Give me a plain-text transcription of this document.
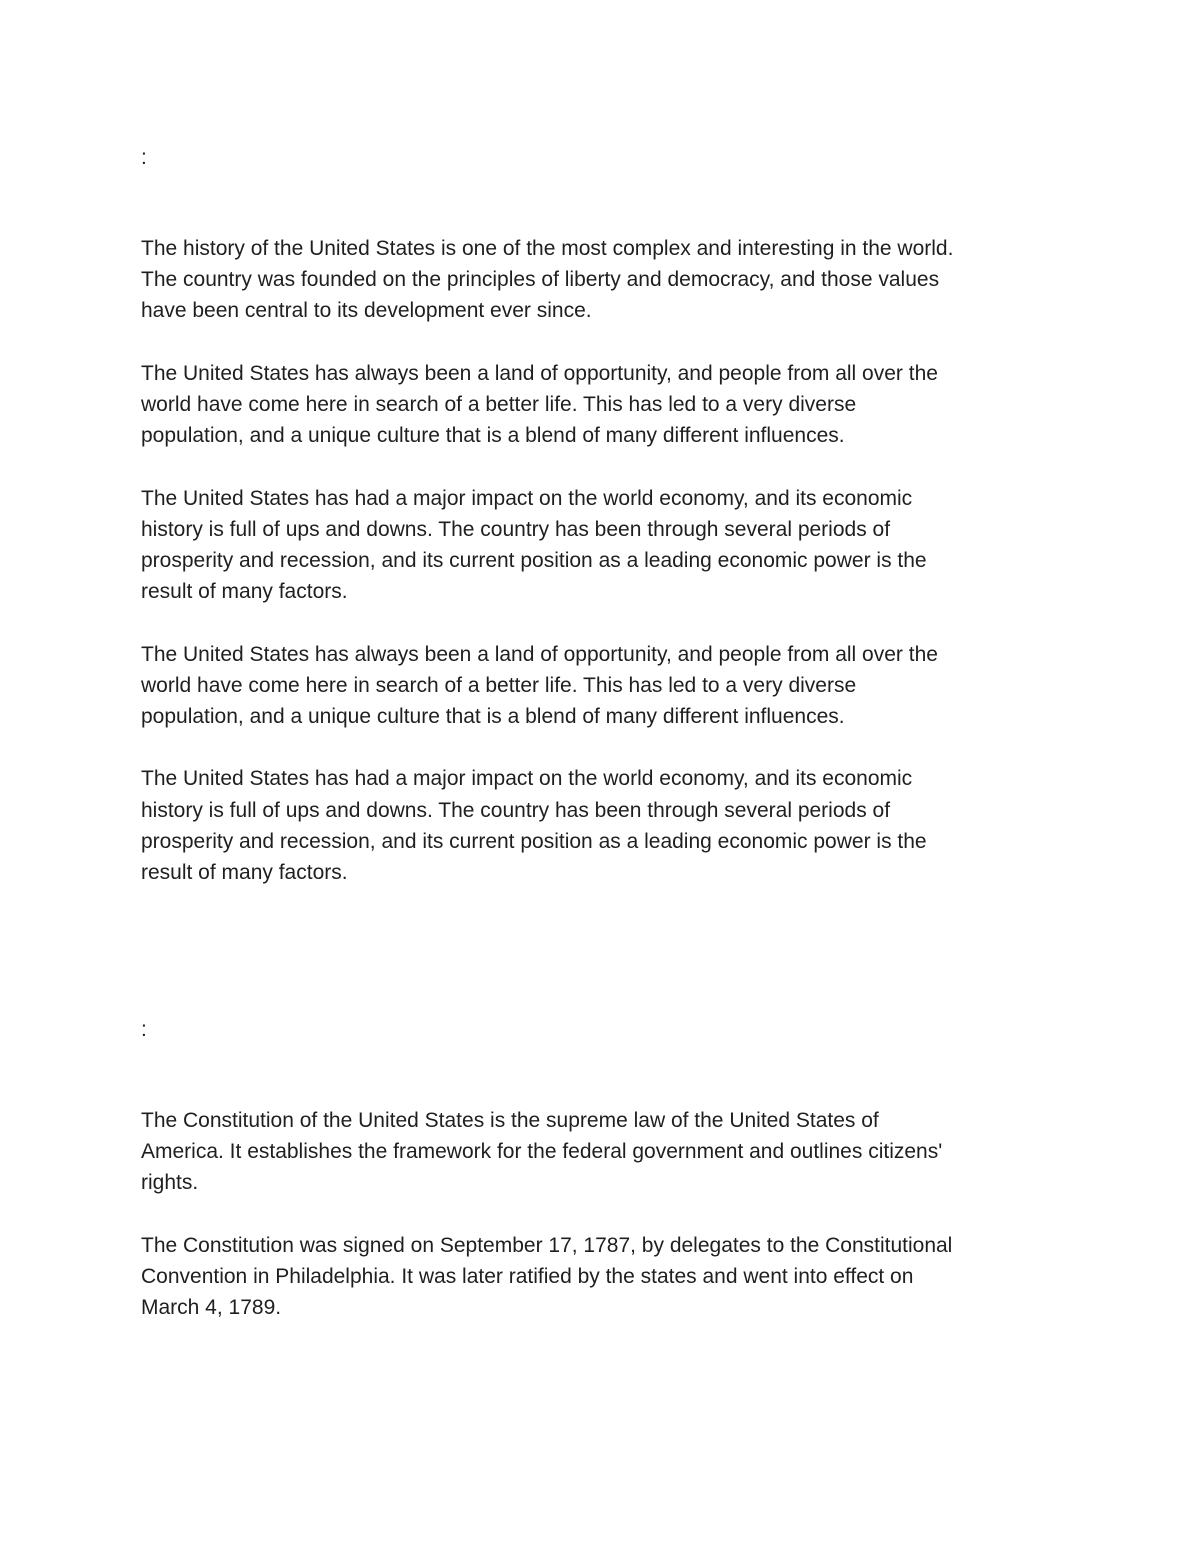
:

The history of the United States is one of the most complex and interesting in the world.
The country was founded on the principles of liberty and democracy, and those values
have been central to its development ever since.

The United States has always been a land of opportunity, and people from all over the
world have come here in search of a better life. This has led to a very diverse
population, and a unique culture that is a blend of many different influences.

The United States has had a major impact on the world economy, and its economic
history is full of ups and downs. The country has been through several periods of
prosperity and recession, and its current position as a leading economic power is the
result of many factors.

The United States has always been a land of opportunity, and people from all over the
world have come here in search of a better life. This has led to a very diverse
population, and a unique culture that is a blend of many different influences.

The United States has had a major impact on the world economy, and its economic
history is full of ups and downs. The country has been through several periods of
prosperity and recession, and its current position as a leading economic power is the
result of many factors.

:

The Constitution of the United States is the supreme law of the United States of
America. It establishes the framework for the federal government and outlines citizens'
rights.

The Constitution was signed on September 17, 1787, by delegates to the Constitutional
Convention in Philadelphia. It was later ratified by the states and went into effect on
March 4, 1789.
